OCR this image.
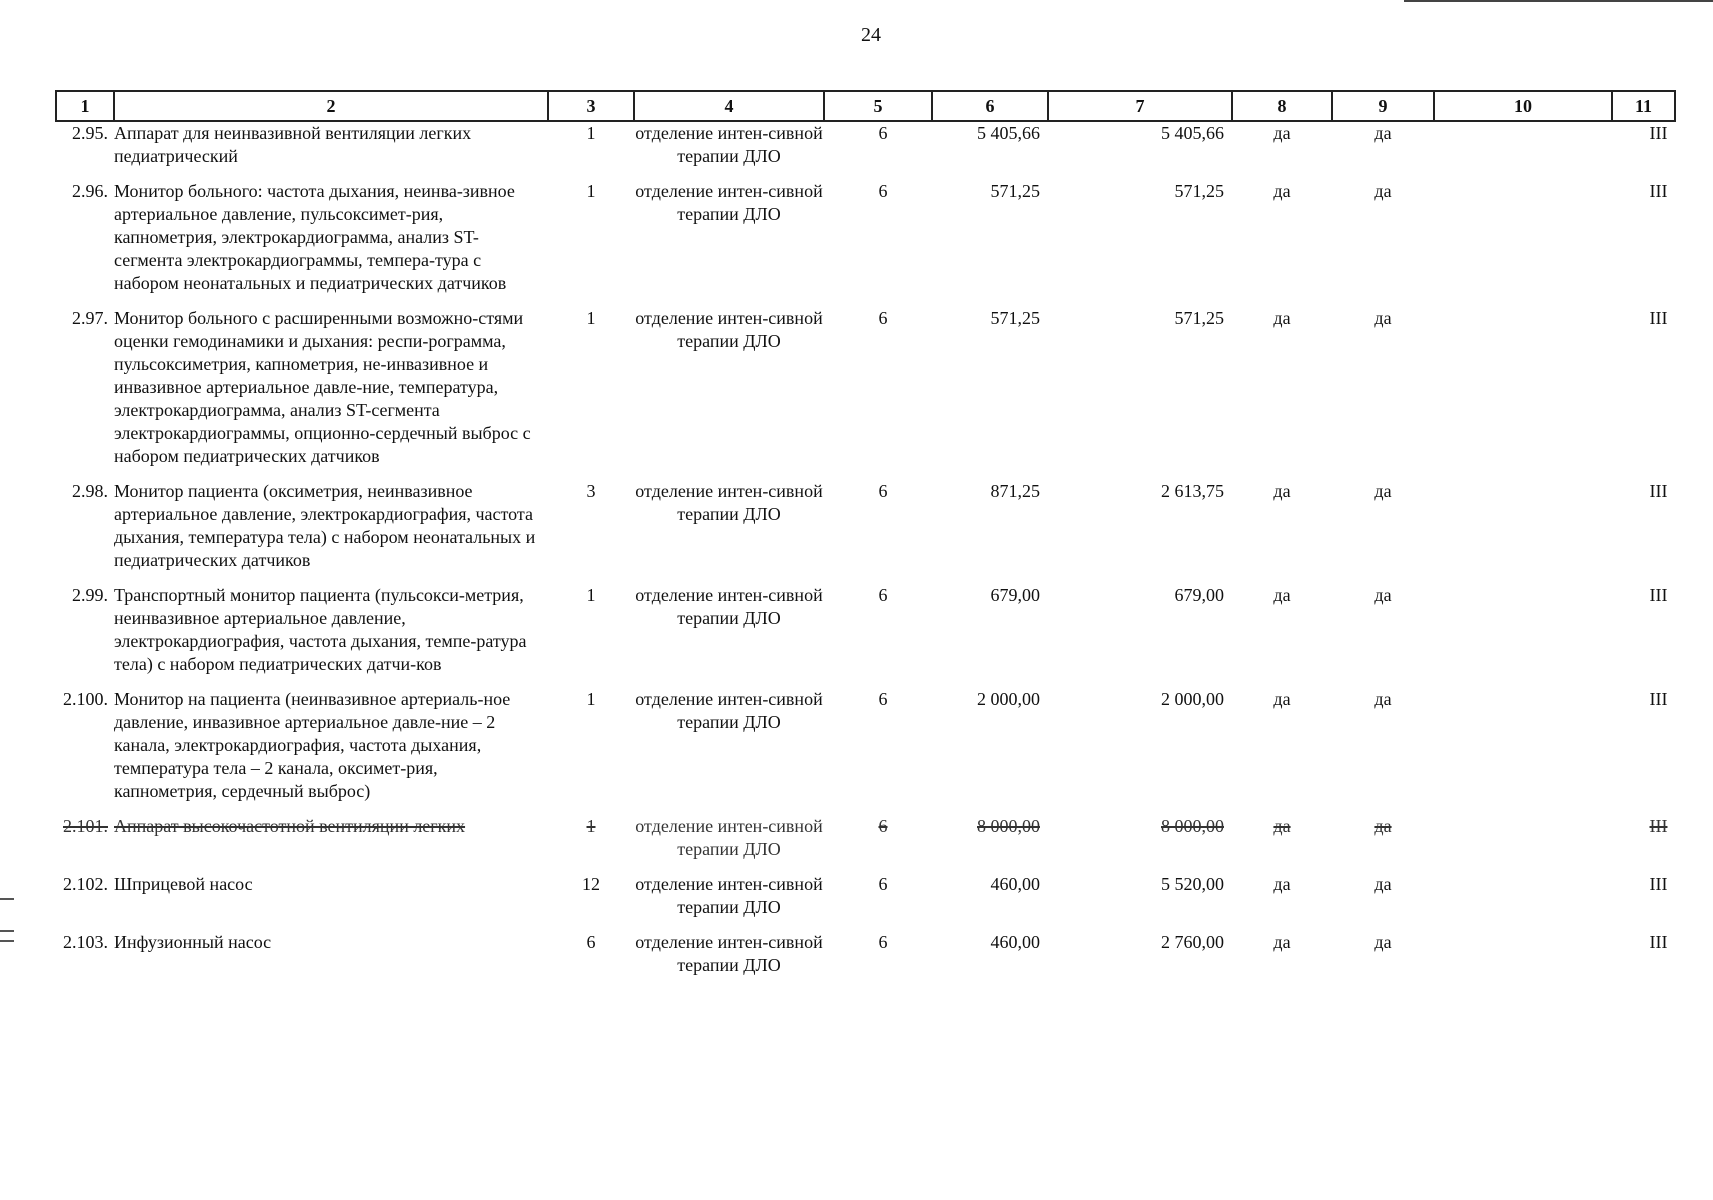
24
1	2	3	4	5	6	7	8	9	10	11
2.95.	Аппарат для неинвазивной вентиляции легких педиатрический	1	отделение интен-сивной терапии ДЛО	6	5 405,66	5 405,66	да	да		III
2.96.	Монитор больного: частота дыхания, неинва-зивное артериальное давление, пульсоксимет-рия, капнометрия, электрокардиограмма, анализ ST-сегмента электрокардиограммы, темпера-тура с набором неонатальных и педиатрических датчиков	1	отделение интен-сивной терапии ДЛО	6	571,25	571,25	да	да		III
2.97.	Монитор больного с расширенными возможно-стями оценки гемодинамики и дыхания: респи-рограмма, пульсоксиметрия, капнометрия, не-инвазивное и инвазивное артериальное давле-ние, температура, электрокардиограмма, анализ ST-сегмента электрокардиограммы, опционно-сердечный выброс с набором педиатрических датчиков	1	отделение интен-сивной терапии ДЛО	6	571,25	571,25	да	да		III
2.98.	Монитор пациента (оксиметрия, неинвазивное артериальное давление, электрокардиография, частота дыхания, температура тела) с набором неонатальных и педиатрических датчиков	3	отделение интен-сивной терапии ДЛО	6	871,25	2 613,75	да	да		III
2.99.	Транспортный монитор пациента (пульсокси-метрия, неинвазивное артериальное давление, электрокардиография, частота дыхания, темпе-ратура тела) с набором педиатрических датчи-ков	1	отделение интен-сивной терапии ДЛО	6	679,00	679,00	да	да		III
2.100.	Монитор на пациента (неинвазивное артериаль-ное давление, инвазивное артериальное давле-ние – 2 канала, электрокардиография, частота дыхания, температура тела – 2 канала, оксимет-рия, капнометрия, сердечный выброс)	1	отделение интен-сивной терапии ДЛО	6	2 000,00	2 000,00	да	да		III
2.101.	Аппарат высокочастотной вентиляции легких	1	отделение интен-сивной терапии ДЛО	6	8 000,00	8 000,00	да	да		III
2.102.	Шприцевой насос	12	отделение интен-сивной терапии ДЛО	6	460,00	5 520,00	да	да		III
2.103.	Инфузионный насос	6	отделение интен-сивной терапии ДЛО	6	460,00	2 760,00	да	да		III
